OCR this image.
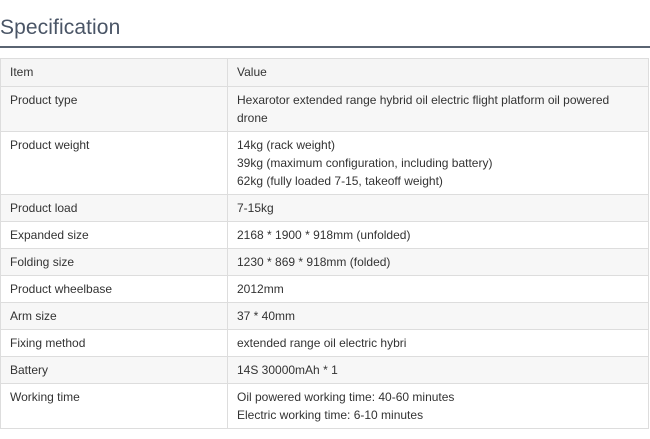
Specification
Item	Value
Product type	Hexarotor extended range hybrid oil electric flight platform oil powered
drone

Product weight	14kg (rack weight)
39kg (maximum configuration, including battery)
62kg (fully loaded 7-15, takeoff weight)

Product load	7-15kg

Expanded size	2168 * 1900 * 918mm (unfolded)

Folding size	1230 * 869 * 918mm (folded)

Product wheelbase	2012mm

Arm size	37 * 40mm

Fixing method	extended range oil electric hybri

Battery	14S 30000mAh * 1

Working time	Oil powered working time: 40-60 minutes
Electric working time: 6-10 minutes
